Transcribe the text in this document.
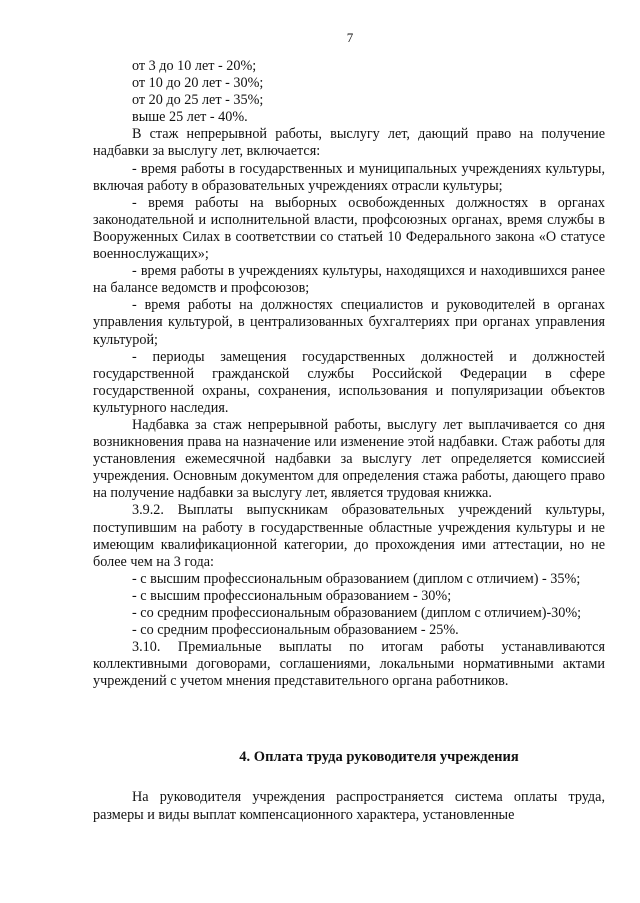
7

от 3 до 10 лет - 20%;

от 10 до 20 лет - 30%;

от 20 до 25 лет - 35%;

выше 25 лет - 40%.

В стаж непрерывной работы, выслугу лет, дающий право на получение надбавки за выслугу лет, включается:

- время работы в государственных и муниципальных учреждениях культуры, включая работу в образовательных учреждениях отрасли культуры;

- время работы на выборных освобожденных должностях в органах законодательной и исполнительной власти, профсоюзных органах, время службы в Вооруженных Силах в соответствии со статьей 10 Федерального закона «О статусе военнослужащих»;

- время работы в учреждениях культуры, находящихся и находившихся ранее на балансе ведомств и профсоюзов;

- время работы на должностях специалистов и руководителей в органах управления культурой, в централизованных бухгалтериях при органах управления культурой;

- периоды замещения государственных должностей и должностей государственной гражданской службы Российской Федерации в сфере государственной охраны, сохранения, использования и популяризации объектов культурного наследия.

Надбавка за стаж непрерывной работы, выслугу лет выплачивается со дня возникновения права на назначение или изменение этой надбавки. Стаж работы для установления ежемесячной надбавки за выслугу лет определяется комиссией учреждения. Основным документом для определения стажа работы, дающего право на получение надбавки за выслугу лет, является трудовая книжка.

3.9.2. Выплаты выпускникам образовательных учреждений культуры, поступившим на работу в государственные областные учреждения культуры и не имеющим квалификационной категории, до прохождения ими аттестации, но не более чем на 3 года:

- с высшим профессиональным образованием (диплом с отличием) - 35%;

- с высшим профессиональным образованием - 30%;

- со средним профессиональным образованием (диплом с отличием)-30%;

- со средним профессиональным образованием - 25%.

3.10. Премиальные выплаты по итогам работы устанавливаются коллективными договорами, соглашениями, локальными нормативными актами учреждений с учетом мнения представительного органа работников.

4. Оплата труда руководителя учреждения

На руководителя учреждения распространяется система оплаты труда, размеры и виды выплат компенсационного характера, установленные
